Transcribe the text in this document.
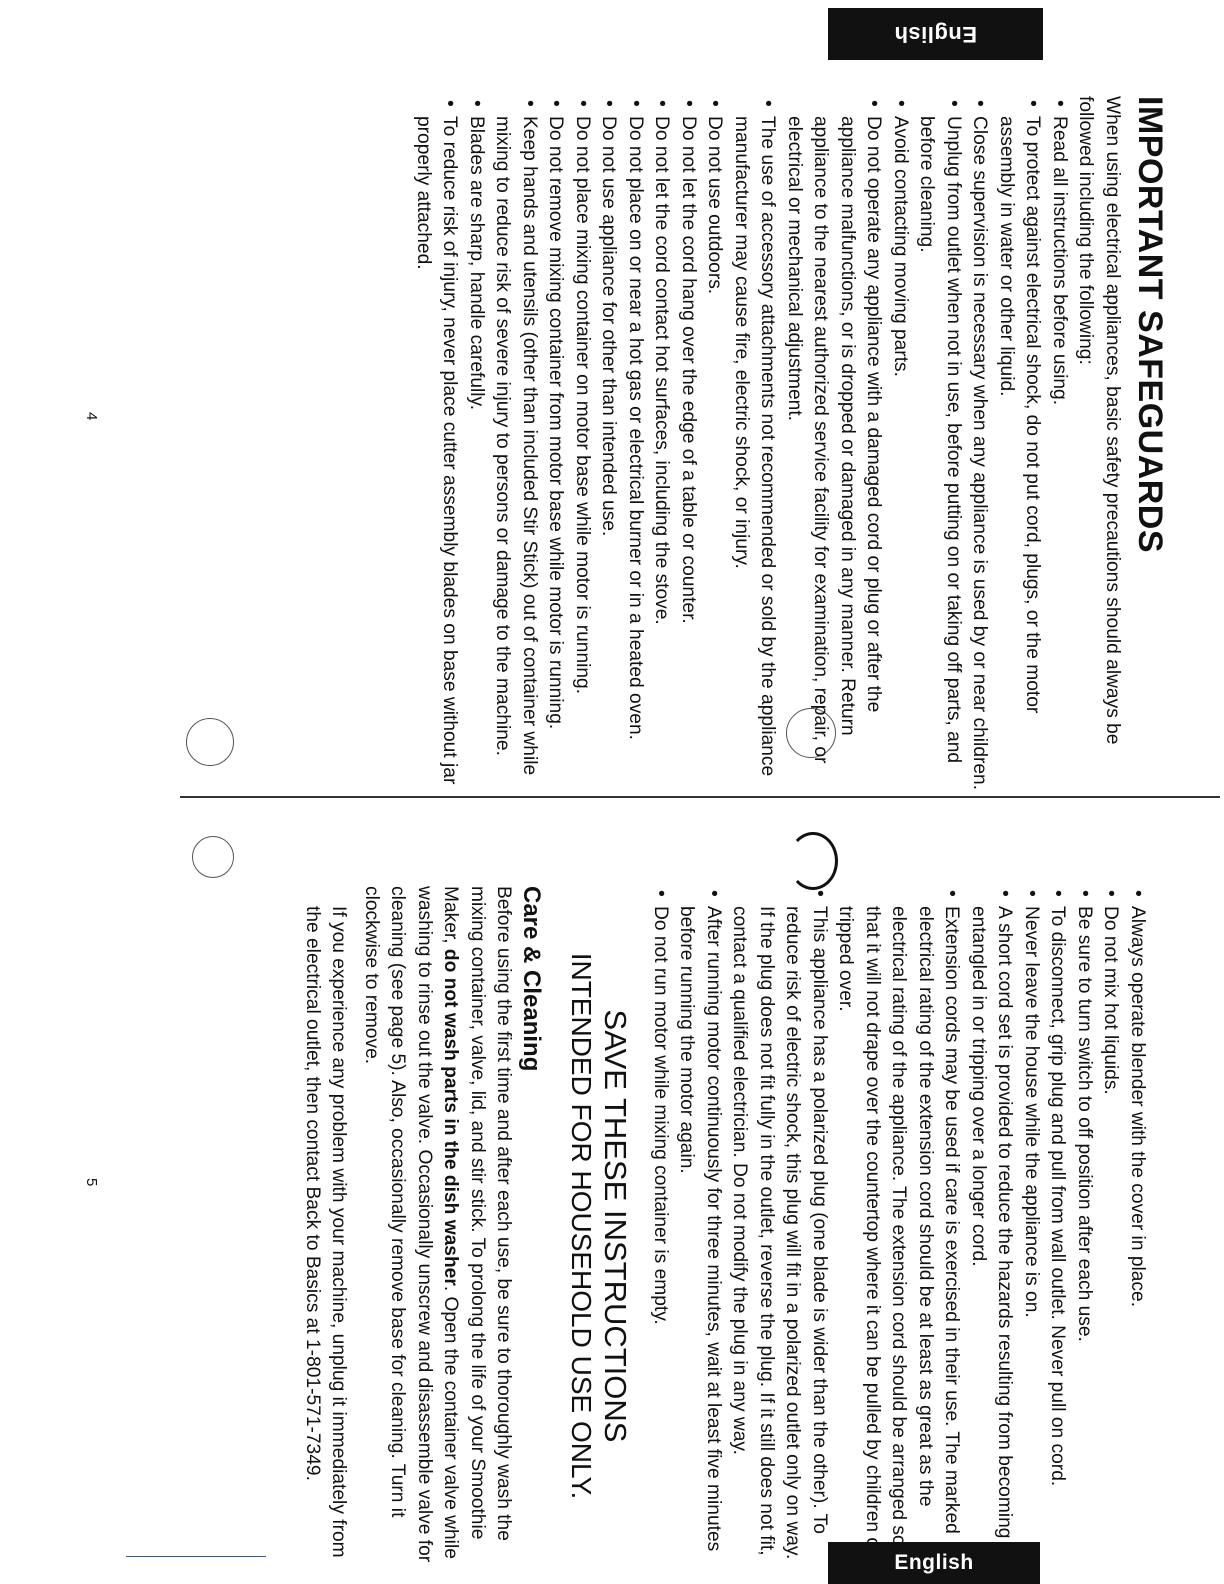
English
English
IMPORTANT SAFEGUARDS

When using electrical appliances, basic safety precautions should always be followed including the following:

• Read all instructions before using.
• To protect against electrical shock, do not put cord, plugs, or the motor assembly in water or other liquid.
• Close supervision is necessary when any appliance is used by or near children.
• Unplug from outlet when not in use, before putting on or taking off parts, and before cleaning.
• Avoid contacting moving parts.
• Do not operate any appliance with a damaged cord or plug or after the appliance malfunctions, or is dropped or damaged in any manner. Return appliance to the nearest authorized service facility for examination, repair, or electrical or mechanical adjustment.
• The use of accessory attachments not recommended or sold by the appliance manufacturer may cause fire, electric shock, or injury.
• Do not use outdoors.
• Do not let the cord hang over the edge of a table or counter.
• Do not let the cord contact hot surfaces, including the stove.
• Do not place on or near a hot gas or electrical burner or in a heated oven.
• Do not use appliance for other than intended use.
• Do not place mixing container on motor base while motor is running.
• Do not remove mixing container from motor base while motor is running.
• Keep hands and utensils (other than included Stir Stick) out of container while mixing to reduce risk of severe injury to persons or damage to the machine.
• Blades are sharp, handle carefully.
• To reduce risk of injury, never place cutter assembly blades on base without jar properly attached.
4
• Always operate blender with the cover in place.
• Do not mix hot liquids.
• Be sure to turn switch to off position after each use.
• To disconnect, grip plug and pull from wall outlet. Never pull on cord.
• Never leave the house while the appliance is on.
• A short cord set is provided to reduce the hazards resulting from becoming entangled in or tripping over a longer cord.
• Extension cords may be used if care is exercised in their use. The marked electrical rating of the extension cord should be at least as great as the electrical rating of the appliance. The extension cord should be arranged so that it will not drape over the countertop where it can be pulled by children or tripped over.
• This appliance has a polarized plug (one blade is wider than the other). To reduce risk of electric shock, this plug will fit in a polarized outlet only on way. If the plug does not fit fully in the outlet, reverse the plug. If it still does not fit, contact a qualified electrician. Do not modify the plug in any way.
• After running motor continuously for three minutes, wait at least five minutes before running the motor again.
• Do not run motor while mixing container is empty.
SAVE THESE INSTRUCTIONS
INTENDED FOR HOUSEHOLD USE ONLY.
Care & Cleaning

Before using the first time and after each use, be sure to thoroughly wash the mixing container, valve, lid, and stir stick. To prolong the life of your Smoothie Maker, do not wash parts in the dish washer. Open the container valve while washing to rinse out the valve. Occasionally unscrew and disassemble valve for cleaning (see page 5). Also, occasionally remove base for cleaning. Turn it clockwise to remove.

If you experience any problem with your machine, unplug it immediately from the electrical outlet, then contact Back to Basics at 1-801-571-7349.

5
